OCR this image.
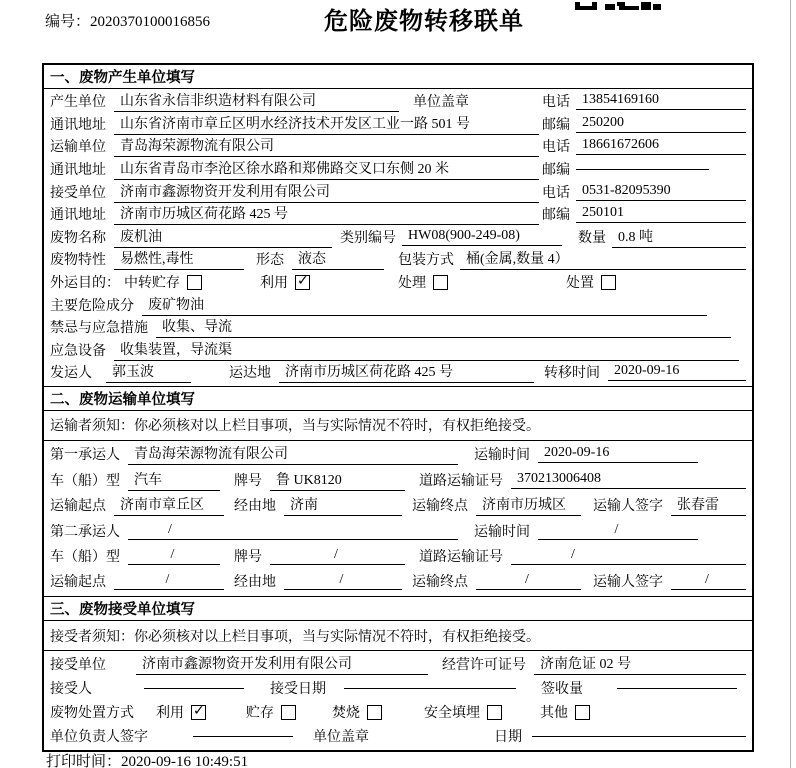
编号：2020370100016856	危险废物转移联单
一、废物产生单位填写
产生单位	山东省永信非织造材料有限公司	单位盖章	电话 13854169160
通讯地址	山东省济南市章丘区明水经济技术开发区工业一路 501 号	邮编 250200
运输单位	青岛海荣源物流有限公司	电话 18661672606
通讯地址	山东省青岛市李沧区徐水路和郑佛路交叉口东侧 20 米	邮编
接受单位	济南市鑫源物资开发利用有限公司	电话 0531-82095390
通讯地址	济南市历城区荷花路 425 号	邮编 250101
废物名称	废机油	类别编号 HW08(900-249-08)	数量 0.8 吨
废物特性	易燃性,毒性	形态	液态	包装方式 桶(金属,数量 4）
外运目的： 中转贮存	利用 ✓	处理	处置
主要危险成分	废矿物油
禁忌与应急措施	收集、导流
应急设备	收集装置，导流渠
发运人	郭玉波	运达地	济南市历城区荷花路 425 号	转移时间	2020-09-16
二、废物运输单位填写
运输者须知：你必须核对以上栏目事项，当与实际情况不符时，有权拒绝接受。
第一承运人	青岛海荣源物流有限公司	运输时间	2020-09-16
车（船）型	汽车	牌号	鲁 UK8120	道路运输证号	370213006408
运输起点	济南市章丘区	经由地	济南	运输终点	济南市历城区	运输人签字	张春雷
第二承运人	/	运输时间	/
车（船）型	/	牌号	/	道路运输证号	/
运输起点	/	经由地	/	运输终点	/	运输人签字	/
三、废物接受单位填写
接受者须知：你必须核对以上栏目事项，当与实际情况不符时，有权拒绝接受。
接受单位	济南市鑫源物资开发利用有限公司	经营许可证号	济南危证 02 号
接受人	接受日期	签收量
废物处置方式 利用 ✓	贮存	焚烧	安全填埋	其他
单位负责人签字	单位盖章	日期
打印时间：2020-09-16 10:49:51
